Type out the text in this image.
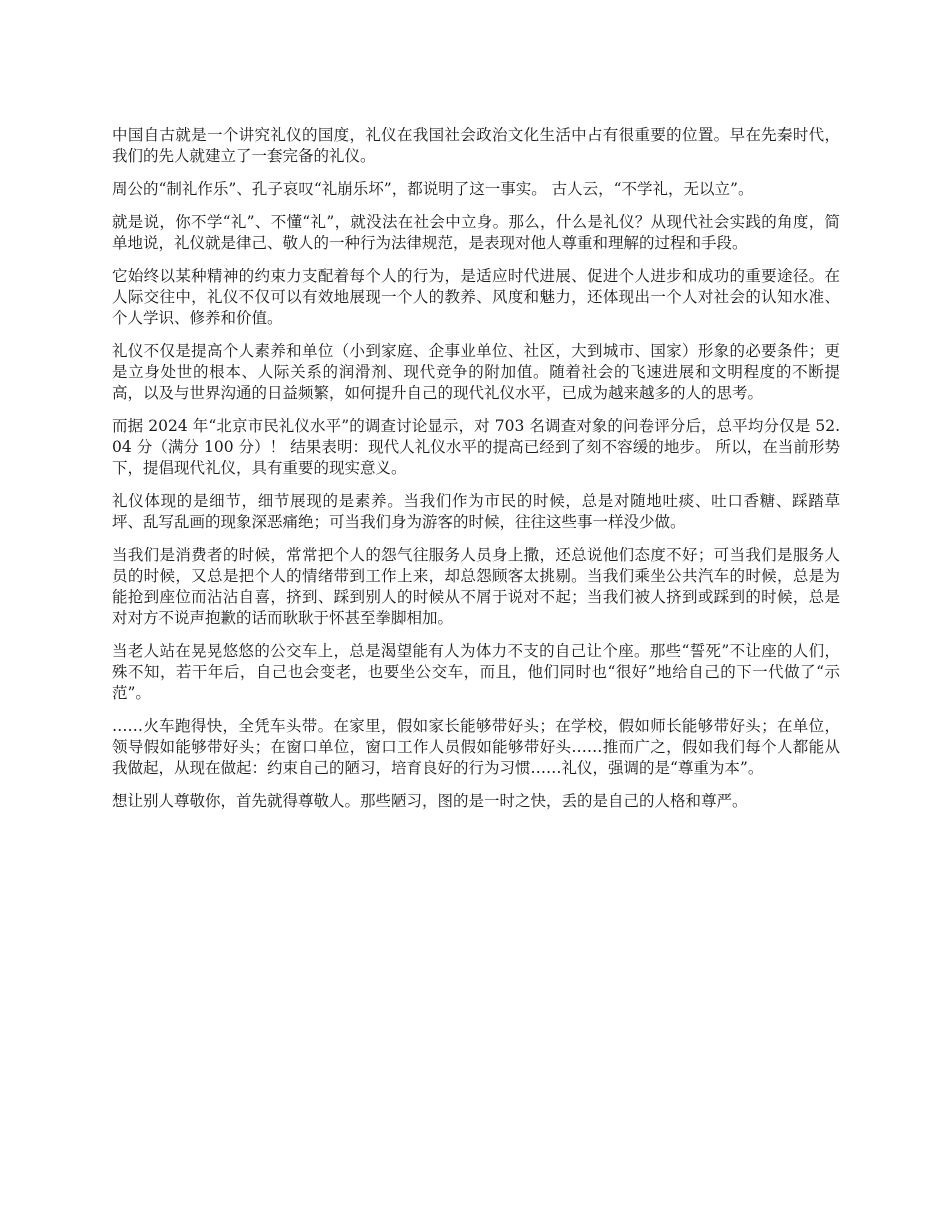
中国自古就是一个讲究礼仪的国度，礼仪在我国社会政治文化生活中占有很重要的位置。早在先秦时代，我们的先人就建立了一套完备的礼仪。

周公的“制礼作乐”、孔子哀叹“礼崩乐坏”，都说明了这一事实。 古人云，“不学礼，无以立”。

就是说，你不学“礼”、不懂“礼”，就没法在社会中立身。那么，什么是礼仪？从现代社会实践的角度，简单地说，礼仪就是律己、敬人的一种行为法律规范，是表现对他人尊重和理解的过程和手段。

它始终以某种精神的约束力支配着每个人的行为，是适应时代进展、促进个人进步和成功的重要途径。在人际交往中，礼仪不仅可以有效地展现一个人的教养、风度和魅力，还体现出一个人对社会的认知水准、个人学识、修养和价值。

礼仪不仅是提高个人素养和单位（小到家庭、企事业单位、社区，大到城市、国家）形象的必要条件；更是立身处世的根本、人际关系的润滑剂、现代竞争的附加值。随着社会的飞速进展和文明程度的不断提高，以及与世界沟通的日益频繁，如何提升自己的现代礼仪水平，已成为越来越多的人的思考。

而据 2024 年“北京市民礼仪水平”的调查讨论显示，对 703 名调查对象的问卷评分后，总平均分仅是 52.04 分（满分 100 分）！ 结果表明：现代人礼仪水平的提高已经到了刻不容缓的地步。 所以，在当前形势下，提倡现代礼仪，具有重要的现实意义。

礼仪体现的是细节，细节展现的是素养。当我们作为市民的时候，总是对随地吐痰、吐口香糖、踩踏草坪、乱写乱画的现象深恶痛绝；可当我们身为游客的时候，往往这些事一样没少做。

当我们是消费者的时候，常常把个人的怨气往服务人员身上撒，还总说他们态度不好；可当我们是服务人员的时候，又总是把个人的情绪带到工作上来，却总怨顾客太挑剔。当我们乘坐公共汽车的时候，总是为能抢到座位而沾沾自喜，挤到、踩到别人的时候从不屑于说对不起；当我们被人挤到或踩到的时候，总是对对方不说声抱歉的话而耿耿于怀甚至拳脚相加。

当老人站在晃晃悠悠的公交车上，总是渴望能有人为体力不支的自己让个座。那些“誓死”不让座的人们，殊不知，若干年后，自己也会变老，也要坐公交车，而且，他们同时也“很好”地给自己的下一代做了“示范”。

……火车跑得快，全凭车头带。在家里，假如家长能够带好头；在学校，假如师长能够带好头；在单位，领导假如能够带好头；在窗口单位，窗口工作人员假如能够带好头……推而广之，假如我们每个人都能从我做起，从现在做起：约束自己的陋习，培育良好的行为习惯……礼仪，强调的是“尊重为本”。

想让别人尊敬你，首先就得尊敬人。那些陋习，图的是一时之快，丢的是自己的人格和尊严。
